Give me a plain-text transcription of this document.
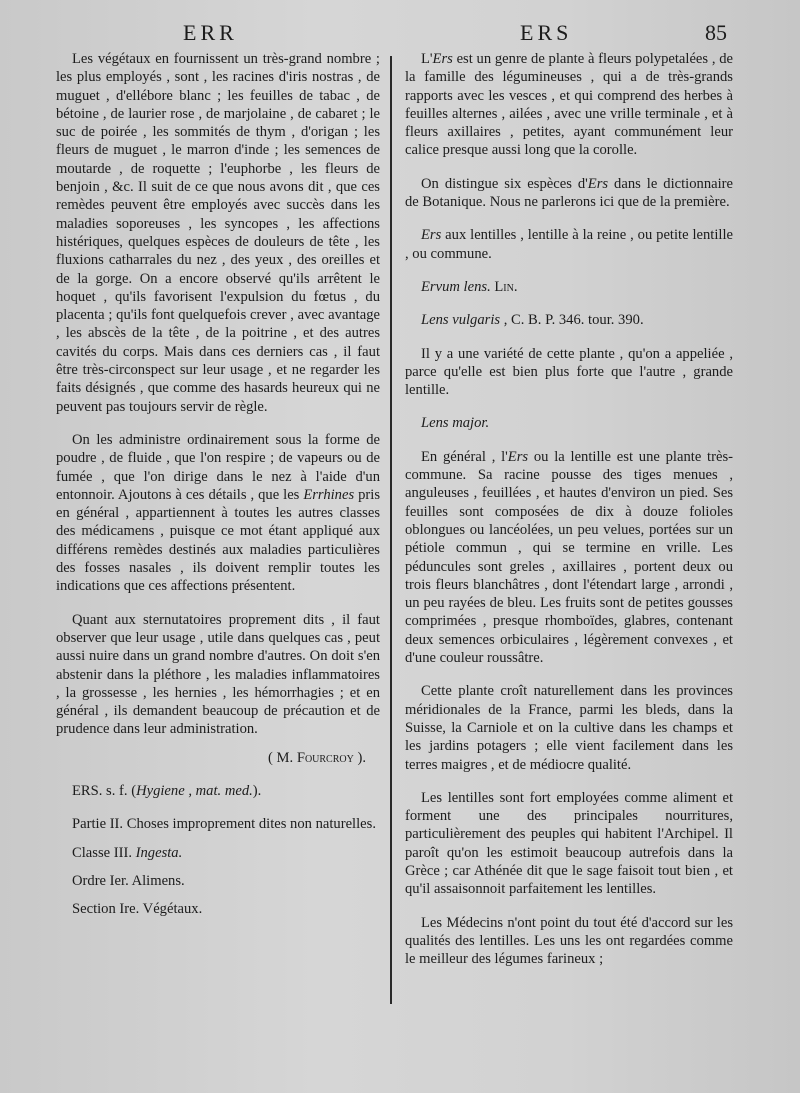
ERR	ERS	85

Les végétaux en fournissent un très-grand nombre ; les plus employés , sont , les racines d'iris nostras , de muguet , d'ellébore blanc ; les feuilles de tabac , de bétoine , de laurier rose , de marjolaine , de cabaret ; le suc de poirée , les sommités de thym , d'origan ; les fleurs de muguet , le marron d'inde ; les semences de moutarde , de roquette ; l'euphorbe , les fleurs de benjoin , &c. Il suit de ce que nous avons dit , que ces remèdes peuvent être employés avec succès dans les maladies soporeuses , les syncopes , les affections histériques, quelques espèces de douleurs de tête , les fluxions catharrales du nez , des yeux , des oreilles et de la gorge. On a encore observé qu'ils arrêtent le hoquet , qu'ils favorisent l'expulsion du fœtus , du placenta ; qu'ils font quelquefois crever , avec avantage , les abscès de la tête , de la poitrine , et des autres cavités du corps. Mais dans ces derniers cas , il faut être très-circonspect sur leur usage , et ne regarder les faits désignés , que comme des hasards heureux qui ne peuvent pas toujours servir de règle.

On les administre ordinairement sous la forme de poudre , de fluide , que l'on respire ; de vapeurs ou de fumée , que l'on dirige dans le nez à l'aide d'un entonnoir. Ajoutons à ces détails , que les Errhines pris en général , appartiennent à toutes les autres classes des médicamens , puisque ce mot étant appliqué aux différens remèdes destinés aux maladies particulières des fosses nasales , ils doivent remplir toutes les indications que ces affections présentent.

Quant aux sternutatoires proprement dits , il faut observer que leur usage , utile dans quelques cas , peut aussi nuire dans un grand nombre d'autres. On doit s'en abstenir dans la pléthore , les maladies inflammatoires , la grossesse , les hernies , les hémorrhagies ; et en général , ils demandent beaucoup de précaution et de prudence dans leur administration.

( M. Fourcroy ).

ERS. s. f. (Hygiene , mat. med.).

Partie II. Choses improprement dites non naturelles.

Classe III. Ingesta.

Ordre Ier. Alimens.

Section Ire. Végétaux.

L'Ers est un genre de plante à fleurs polypetalées , de la famille des légumineuses , qui a de très-grands rapports avec les vesces , et qui comprend des herbes à feuilles alternes , ailées , avec une vrille terminale , et à fleurs axillaires , petites, ayant communément leur calice presque aussi long que la corolle.

On distingue six espèces d'Ers dans le dictionnaire de Botanique. Nous ne parlerons ici que de la première.

Ers aux lentilles , lentille à la reine , ou petite lentille , ou commune.

Ervum lens. Lin.

Lens vulgaris , C. B. P. 346. tour. 390.

Il y a une variété de cette plante , qu'on a appeliée , parce qu'elle est bien plus forte que l'autre , grande lentille.

Lens major.

En général , l'Ers ou la lentille est une plante très-commune. Sa racine pousse des tiges menues , anguleuses , feuillées , et hautes d'environ un pied. Ses feuilles sont composées de dix à douze folioles oblongues ou lancéolées, un peu velues, portées sur un pétiole commun , qui se termine en vrille. Les péduncules sont greles , axillaires , portent deux ou trois fleurs blanchâtres , dont l'étendart large , arrondi , un peu rayées de bleu. Les fruits sont de petites gousses comprimées , presque rhomboïdes, glabres, contenant deux semences orbiculaires , légèrement convexes , et d'une couleur roussâtre.

Cette plante croît naturellement dans les provinces méridionales de la France, parmi les bleds, dans la Suisse, la Carniole et on la cultive dans les champs et les jardins potagers ; elle vient facilement dans les terres maigres , et de médiocre qualité.

Les lentilles sont fort employées comme aliment et forment une des principales nourritures, particulièrement des peuples qui habitent l'Archipel. Il paroît qu'on les estimoit beaucoup autrefois dans la Grèce ; car Athénée dit que le sage faisoit tout bien , et qu'il assaisonnoit parfaitement les lentilles.

Les Médecins n'ont point du tout été d'accord sur les qualités des lentilles. Les uns les ont regardées comme le meilleur des légumes farineux ;
